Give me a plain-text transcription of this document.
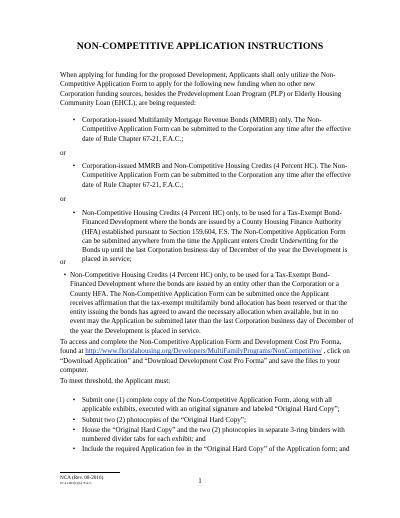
NON-COMPETITIVE APPLICATION INSTRUCTIONS
When applying for funding for the proposed Development, Applicants shall only utilize the Non-Competitive Application Form to apply for the following new funding when no other new Corporation funding sources, besides the Predevelopment Loan Program (PLP) or Elderly Housing Community Loan (EHCL), are being requested:
• Corporation-issued Multifamily Mortgage Revenue Bonds (MMRB) only. The Non-Competitive Application Form can be submitted to the Corporation any time after the effective date of Rule Chapter 67-21, F.A.C.;
or
• Corporation-issued MMRB and Non-Competitive Housing Credits (4 Percent HC). The Non-Competitive Application Form can be submitted to the Corporation any time after the effective date of Rule Chapter 67-21, F.A.C.;
or
• Non-Competitive Housing Credits (4 Percent HC) only, to be used for a Tax-Exempt Bond-Financed Development where the bonds are issued by a County Housing Finance Authority (HFA) established pursuant to Section 159.604, F.S. The Non-Competitive Application Form can be submitted anywhere from the time the Applicant enters Credit Underwriting for the Bonds up until the last Corporation business day of December of the year the Development is placed in service;
or
• Non-Competitive Housing Credits (4 Percent HC) only, to be used for a Tax-Exempt Bond-Financed Development where the bonds are issued by an entity other than the Corporation or a County HFA. The Non-Competitive Application Form can be submitted once the Applicant receives affirmation that the tax-exempt multifamily bond allocation has been reserved or that the entity issuing the bonds has agreed to award the necessary allocation when available, but in no event may the Application be submitted later than the last Corporation business day of December of the year the Development is placed in service.
To access and complete the Non-Competitive Application Form and Development Cost Pro Forma, found at http://www.floridahousing.org/Developers/MultiFamilyPrograms/NonCompetitive/ , click on “Download Application” and “Download Development Cost Pro Forma” and save the files to your computer.
To meet threshold, the Applicant must:
• Submit one (1) complete copy of the Non-Competitive Application Form, along with all applicable exhibits, executed with an original signature and labeled “Original Hard Copy”;
• Submit two (2) photocopies of the “Original Hard Copy”;
• House the “Original Hard Copy” and the two (2) photocopies in separate 3-ring binders with numbered divider tabs for each exhibit; and
• Include the required Application fee in the “Original Hard Copy” of the Application form; and
NCA (Rev. 08-2016)
67-21.003(1)(b), F.A.C.	1
